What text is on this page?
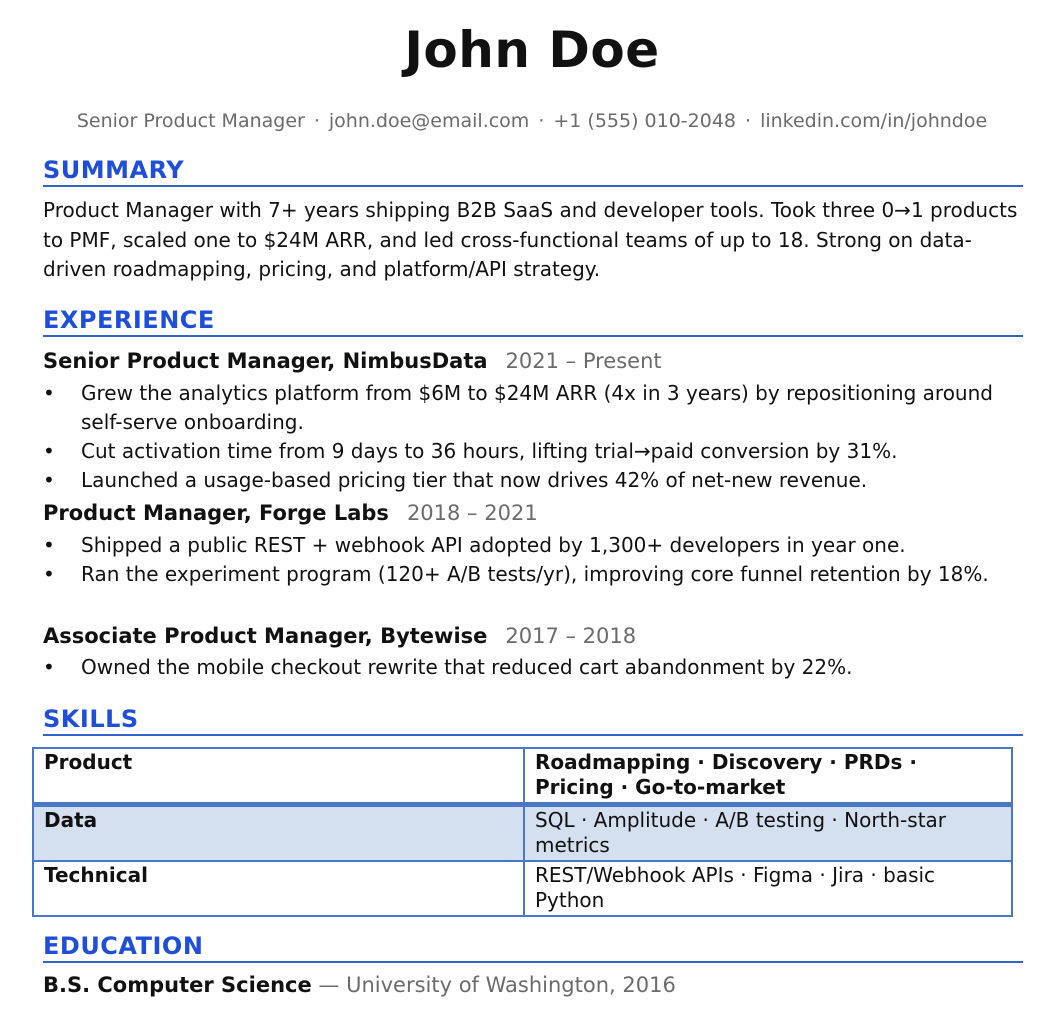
John Doe
Senior Product Manager · john.doe@email.com · +1 (555) 010-2048 · linkedin.com/in/johndoe
SUMMARY
Product Manager with 7+ years shipping B2B SaaS and developer tools. Took three 0→1 products to PMF, scaled one to $24M ARR, and led cross-functional teams of up to 18. Strong on data-driven roadmapping, pricing, and platform/API strategy.
EXPERIENCE
Senior Product Manager, NimbusData 2021 – Present
• Grew the analytics platform from $6M to $24M ARR (4x in 3 years) by repositioning around self-serve onboarding.
• Cut activation time from 9 days to 36 hours, lifting trial→paid conversion by 31%.
• Launched a usage-based pricing tier that now drives 42% of net-new revenue.
Product Manager, Forge Labs 2018 – 2021
• Shipped a public REST + webhook API adopted by 1,300+ developers in year one.
• Ran the experiment program (120+ A/B tests/yr), improving core funnel retention by 18%.
Associate Product Manager, Bytewise 2017 – 2018
• Owned the mobile checkout rewrite that reduced cart abandonment by 22%.
SKILLS
Product	Roadmapping · Discovery · PRDs · Pricing · Go-to-market
Data	SQL · Amplitude · A/B testing · North-star metrics
Technical	REST/Webhook APIs · Figma · Jira · basic Python
EDUCATION
B.S. Computer Science — University of Washington, 2016
